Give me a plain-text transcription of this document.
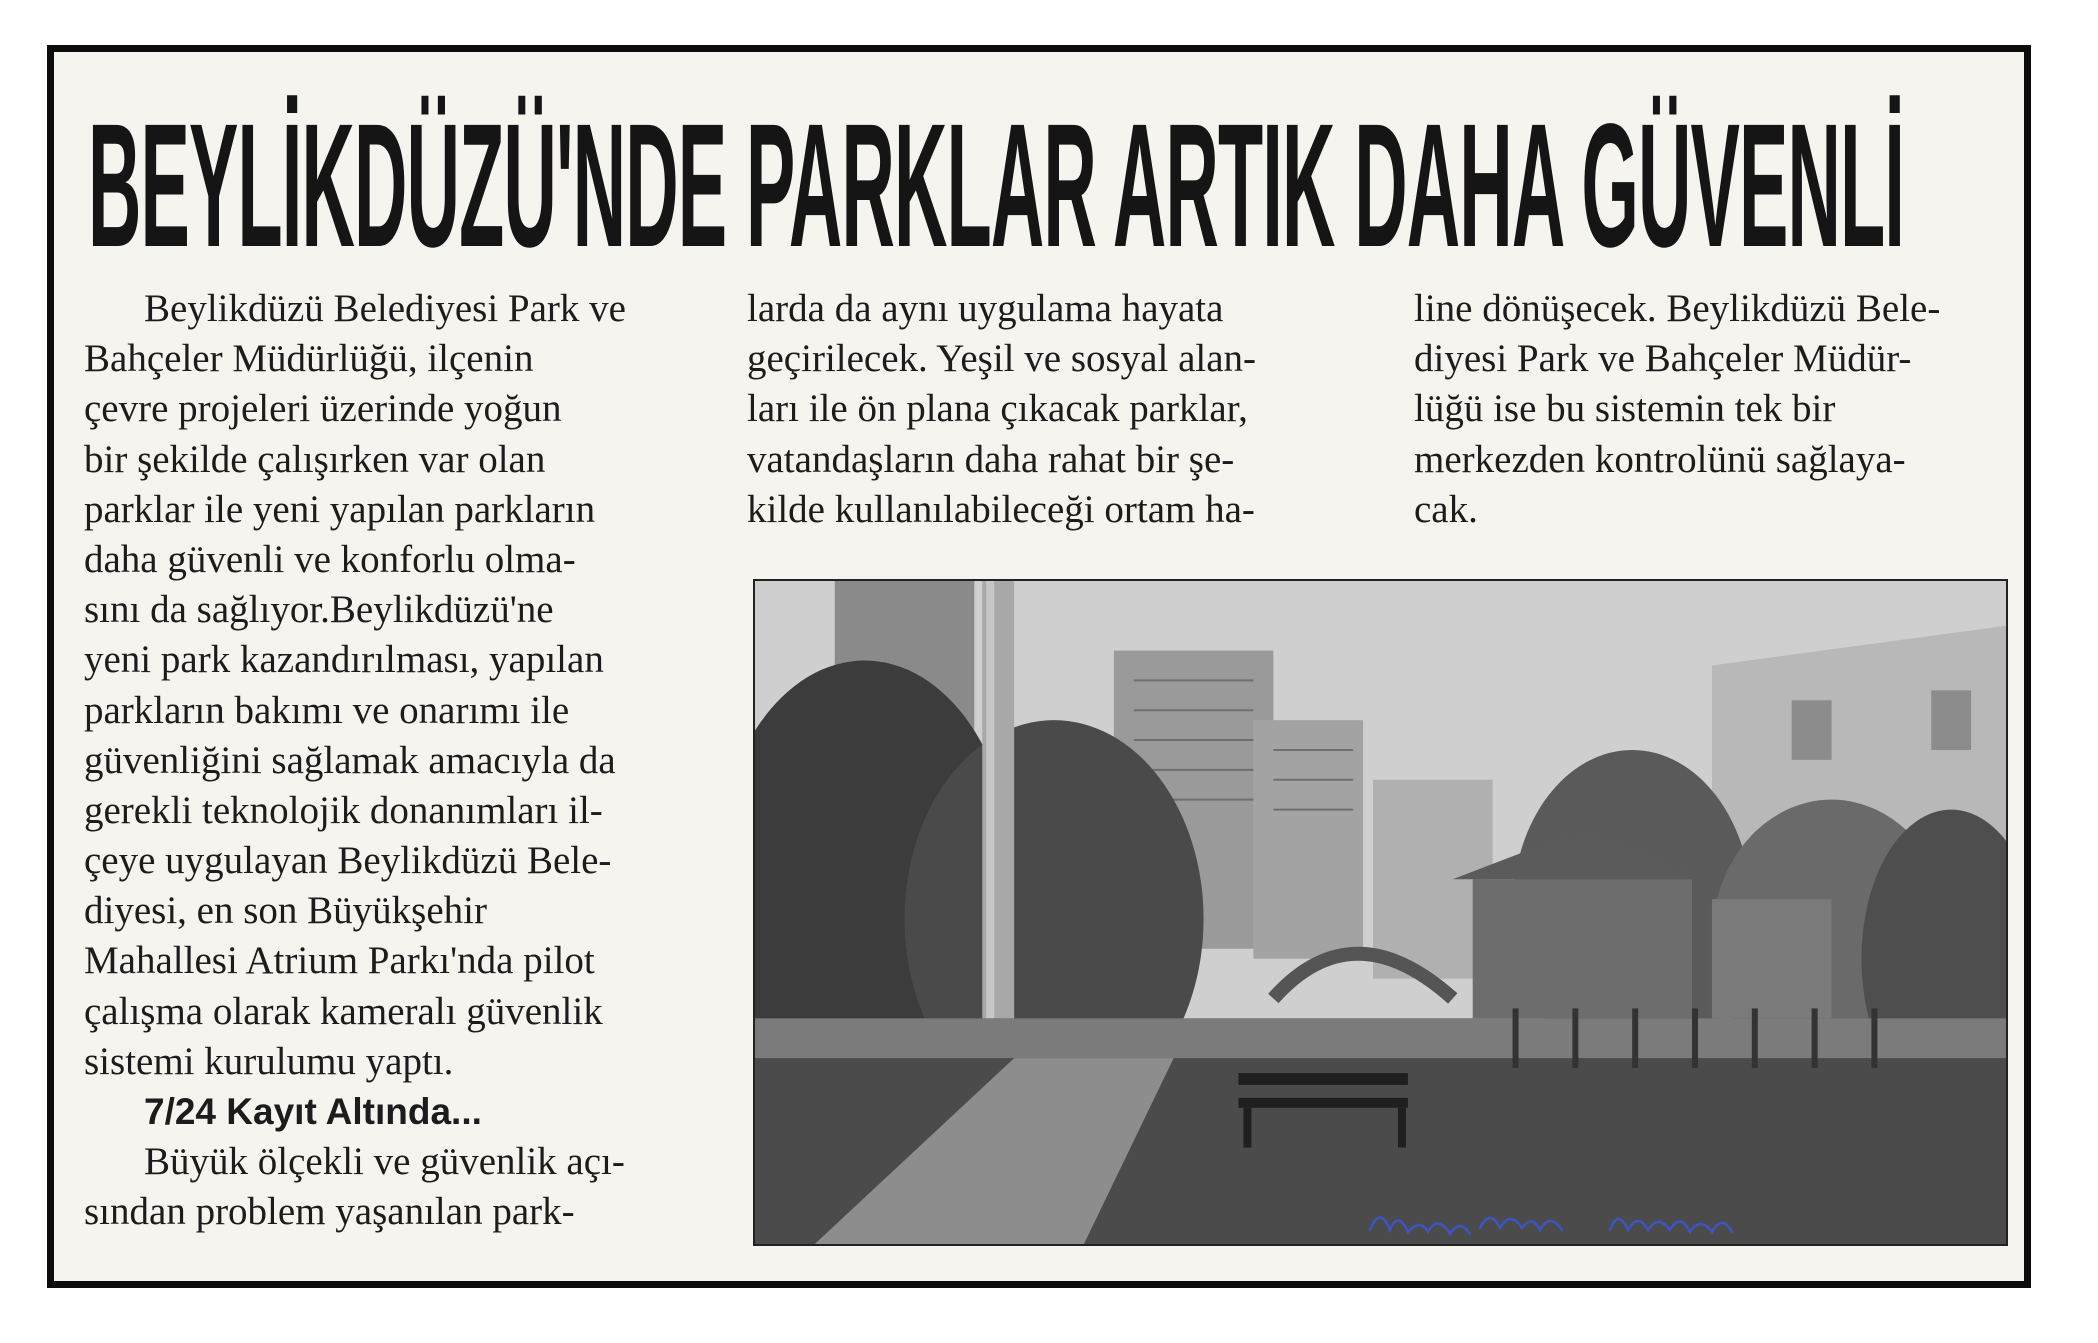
BEYLİKDÜZÜ'NDE PARKLAR ARTIK DAHA GÜVENLİ
Beylikdüzü Belediyesi Park ve
Bahçeler Müdürlüğü, ilçenin
çevre projeleri üzerinde yoğun
bir şekilde çalışırken var olan
parklar ile yeni yapılan parkların
daha güvenli ve konforlu olma-
sını da sağlıyor.Beylikdüzü'ne
yeni park kazandırılması, yapılan
parkların bakımı ve onarımı ile
güvenliğini sağlamak amacıyla da
gerekli teknolojik donanımları il-
çeye uygulayan Beylikdüzü Bele-
diyesi, en son Büyükşehir
Mahallesi Atrium Parkı'nda pilot
çalışma olarak kameralı güvenlik
sistemi kurulumu yaptı.
7/24 Kayıt Altında...
Büyük ölçekli ve güvenlik açı-
sından problem yaşanılan park-
larda da aynı uygulama hayata
geçirilecek. Yeşil ve sosyal alan-
ları ile ön plana çıkacak parklar,
vatandaşların daha rahat bir şe-
kilde kullanılabileceği ortam ha-
line dönüşecek. Beylikdüzü Bele-
diyesi Park ve Bahçeler Müdür-
lüğü ise bu sistemin tek bir
merkezden kontrolünü sağlaya-
cak.
